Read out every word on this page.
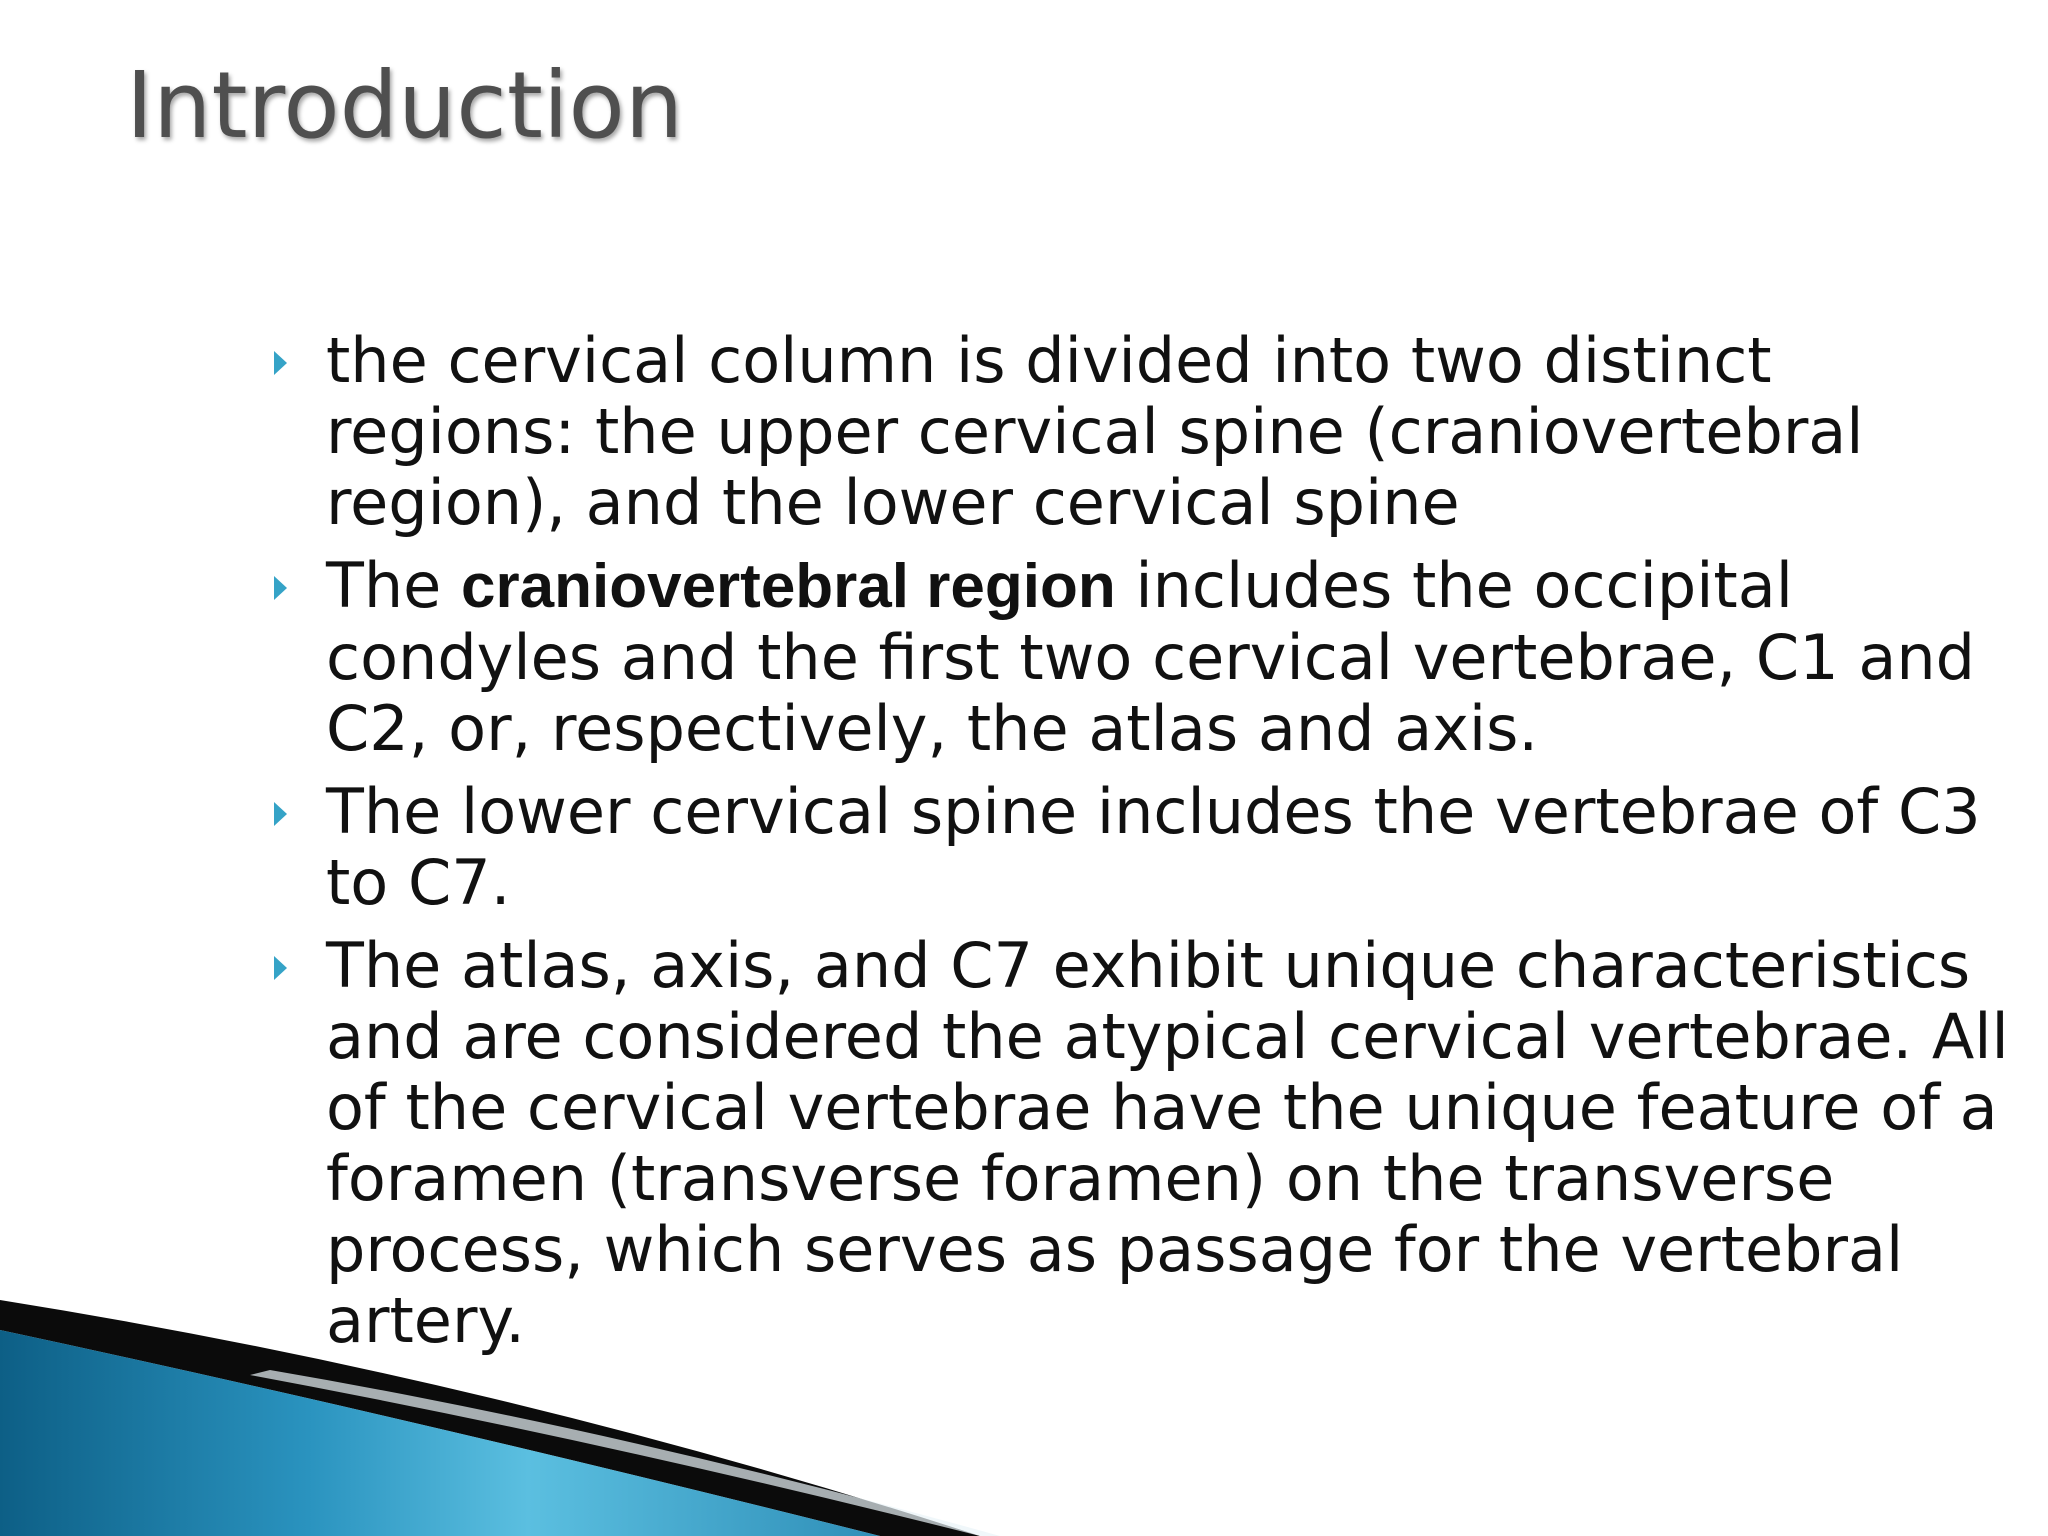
Introduction
the cervical column is divided into two distinct regions: the upper cervical spine (craniovertebral region), and the lower cervical spine
The craniovertebral region includes the occipital condyles and the first two cervical vertebrae, C1 and C2, or, respectively, the atlas and axis.
The lower cervical spine includes the vertebrae of C3 to C7.
The atlas, axis, and C7 exhibit unique characteristics and are considered the atypical cervical vertebrae. All of the cervical vertebrae have the unique feature of a foramen (transverse foramen) on the transverse process, which serves as passage for the vertebral artery.
